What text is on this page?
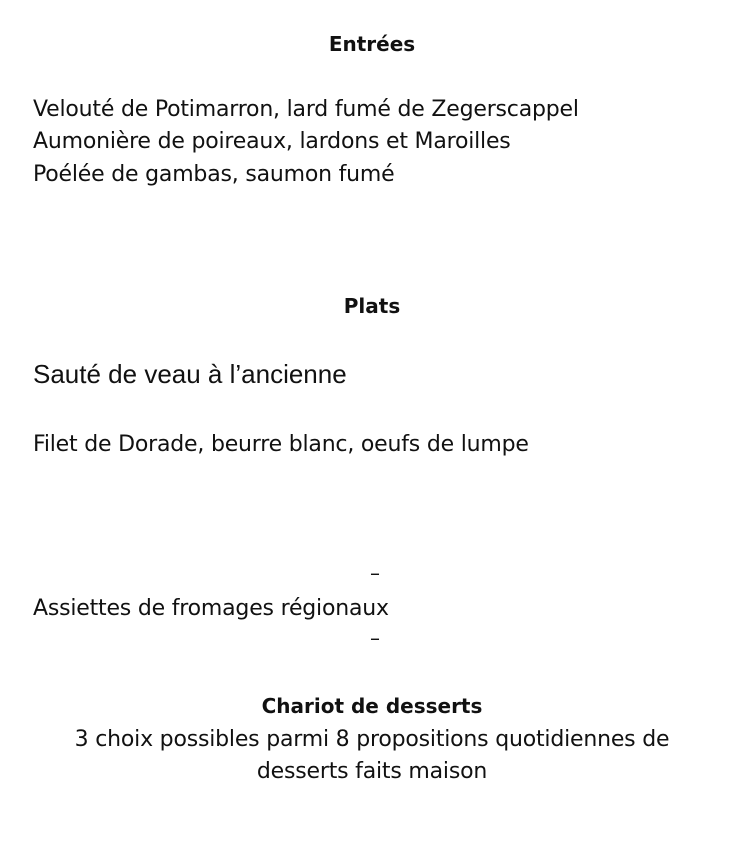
Entrées
Velouté de Potimarron, lard fumé de Zegerscappel
Aumonière de poireaux, lardons et Maroilles
Poélée de gambas, saumon fumé
Plats
Sauté de veau à l’ancienne
Filet de Dorade, beurre blanc, oeufs de lumpe
–
Assiettes de fromages régionaux
–
Chariot de desserts
3 choix possibles parmi 8 propositions quotidiennes de
desserts faits maison
